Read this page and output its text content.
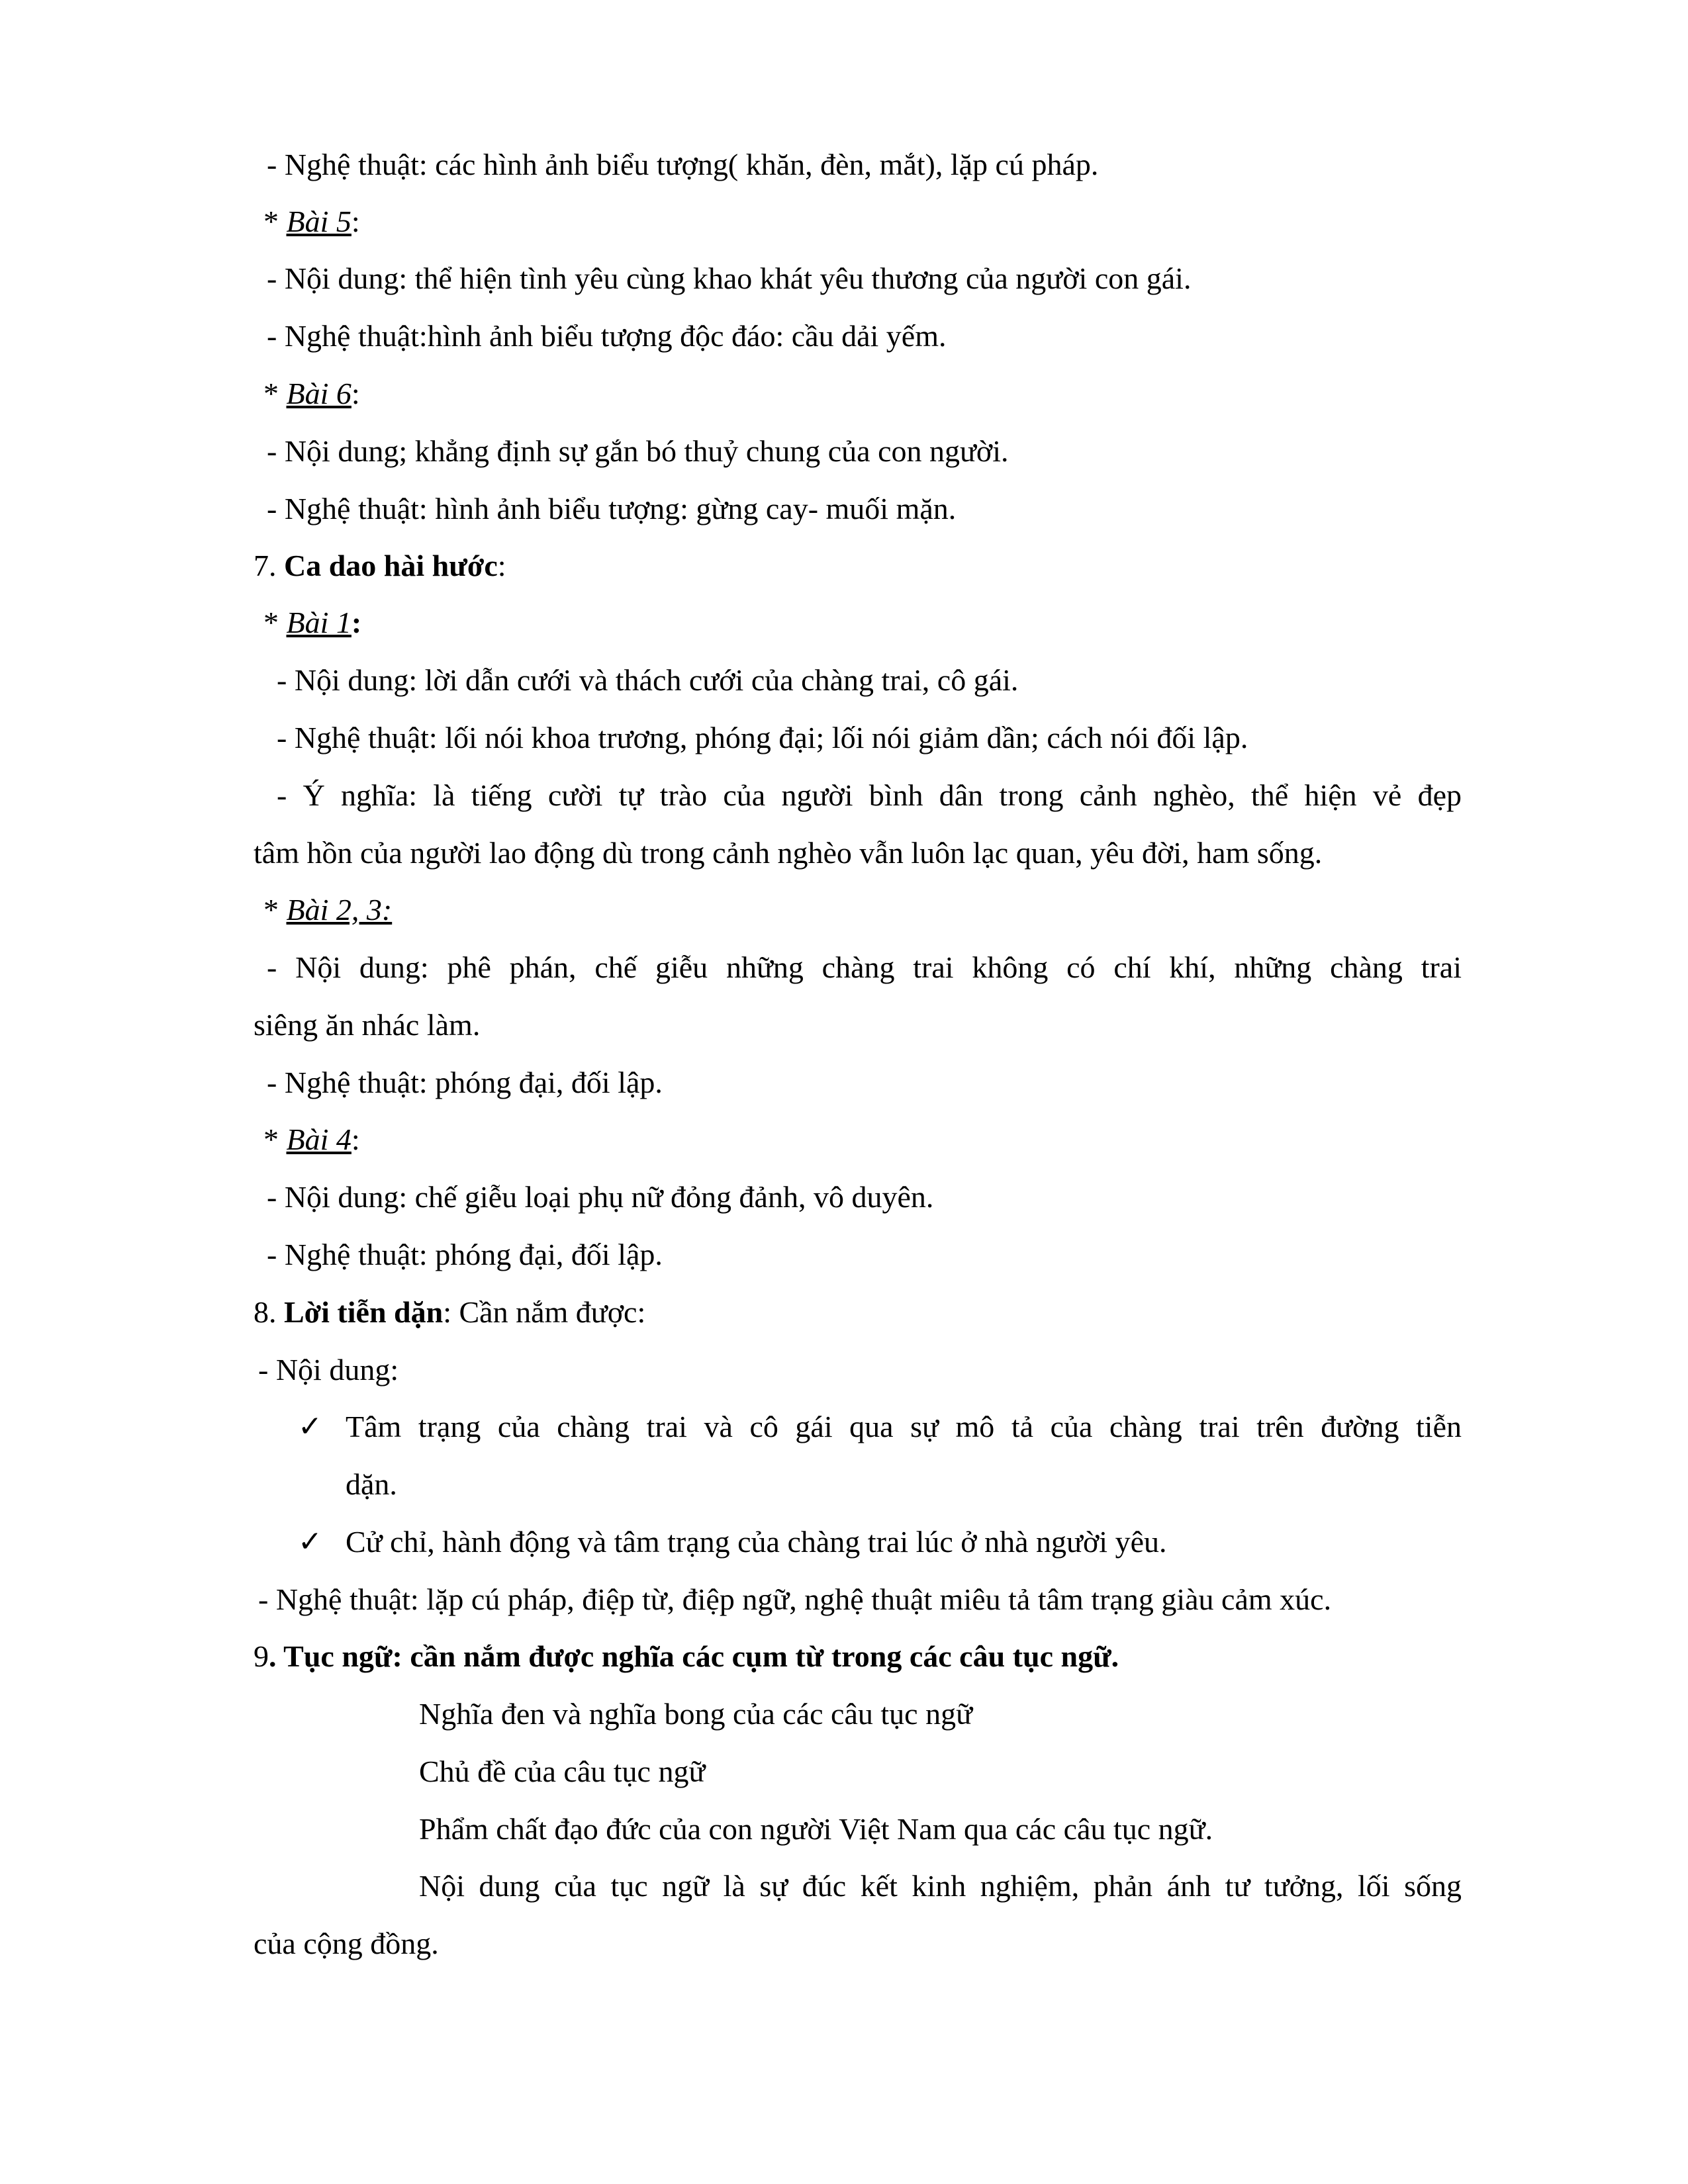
- Nghệ thuật: các hình ảnh biểu tượng( khăn, đèn, mắt), lặp cú pháp.
* Bài 5:
- Nội dung: thể hiện tình yêu cùng khao khát yêu thương của người con gái.
- Nghệ thuật:hình ảnh biểu tượng độc đáo: cầu dải yếm.
* Bài 6:
- Nội dung; khẳng định sự gắn bó thuỷ chung của con người.
- Nghệ thuật: hình ảnh biểu tượng: gừng cay- muối mặn.
7. Ca dao hài hước:
* Bài 1:
- Nội dung: lời dẫn cưới và thách cưới của chàng trai, cô gái.
- Nghệ thuật: lối nói khoa trương, phóng đại; lối nói giảm dần; cách nói đối lập.
- Ý nghĩa: là tiếng cười tự trào của người bình dân trong cảnh nghèo, thể hiện vẻ đẹp
tâm hồn của người lao động dù trong cảnh nghèo vẫn luôn lạc quan, yêu đời, ham sống.
* Bài 2, 3:
- Nội dung: phê phán, chế giễu những chàng trai không có chí khí, những chàng trai
siêng ăn nhác làm.
- Nghệ thuật: phóng đại, đối lập.
* Bài 4:
- Nội dung: chế giễu loại phụ nữ đỏng đảnh, vô duyên.
- Nghệ thuật: phóng đại, đối lập.
8. Lời tiễn dặn: Cần nắm được:
- Nội dung:
✓ Tâm trạng của chàng trai và cô gái qua sự mô tả của chàng trai trên đường tiễn
dặn.
✓ Cử chỉ, hành động và tâm trạng của chàng trai lúc ở nhà người yêu.
- Nghệ thuật: lặp cú pháp, điệp từ, điệp ngữ, nghệ thuật miêu tả tâm trạng giàu cảm xúc.
9. Tục ngữ: cần nắm được nghĩa các cụm từ trong các câu tục ngữ.
Nghĩa đen và nghĩa bong của các câu tục ngữ
Chủ đề của câu tục ngữ
Phẩm chất đạo đức của con người Việt Nam qua các câu tục ngữ.
Nội dung của tục ngữ là sự đúc kết kinh nghiệm, phản ánh tư tưởng, lối sống
của cộng đồng.
